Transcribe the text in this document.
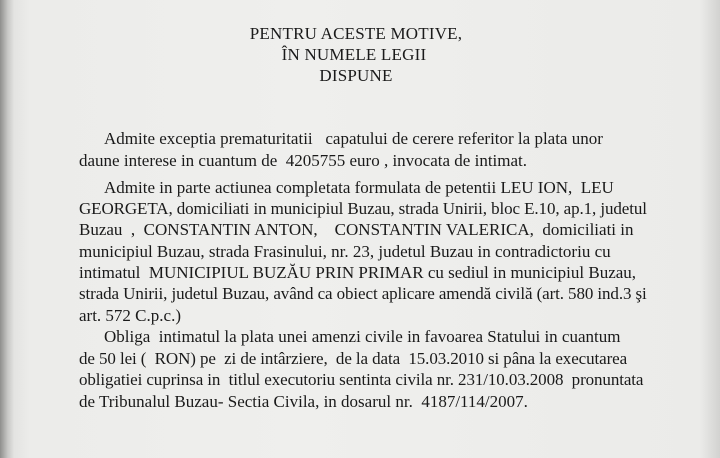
PENTRU ACESTE MOTIVE,
ÎN NUMELE LEGII
DISPUNE
Admite exceptia prematuritatii   capatului de cerere referitor la plata unor
daune interese in cuantum de  4205755 euro , invocata de intimat.
Admite in parte actiunea completata formulata de petentii LEU ION,  LEU
GEORGETA, domiciliati in municipiul Buzau, strada Unirii, bloc E.10, ap.1, judetul
Buzau  ,  CONSTANTIN ANTON,    CONSTANTIN VALERICA,  domiciliati in
municipiul Buzau, strada Frasinului, nr. 23, judetul Buzau in contradictoriu cu
intimatul  MUNICIPIUL BUZĂU PRIN PRIMAR cu sediul in municipiul Buzau,
strada Unirii, judetul Buzau, având ca obiect aplicare amendă civilă (art. 580 ind.3 şi
art. 572 C.p.c.)
Obliga  intimatul la plata unei amenzi civile in favoarea Statului in cuantum
de 50 lei (  RON) pe  zi de intârziere,  de la data  15.03.2010 si pâna la executarea
obligatiei cuprinsa in  titlul executoriu sentinta civila nr. 231/10.03.2008  pronuntata
de Tribunalul Buzau- Sectia Civila, in dosarul nr.  4187/114/2007.
